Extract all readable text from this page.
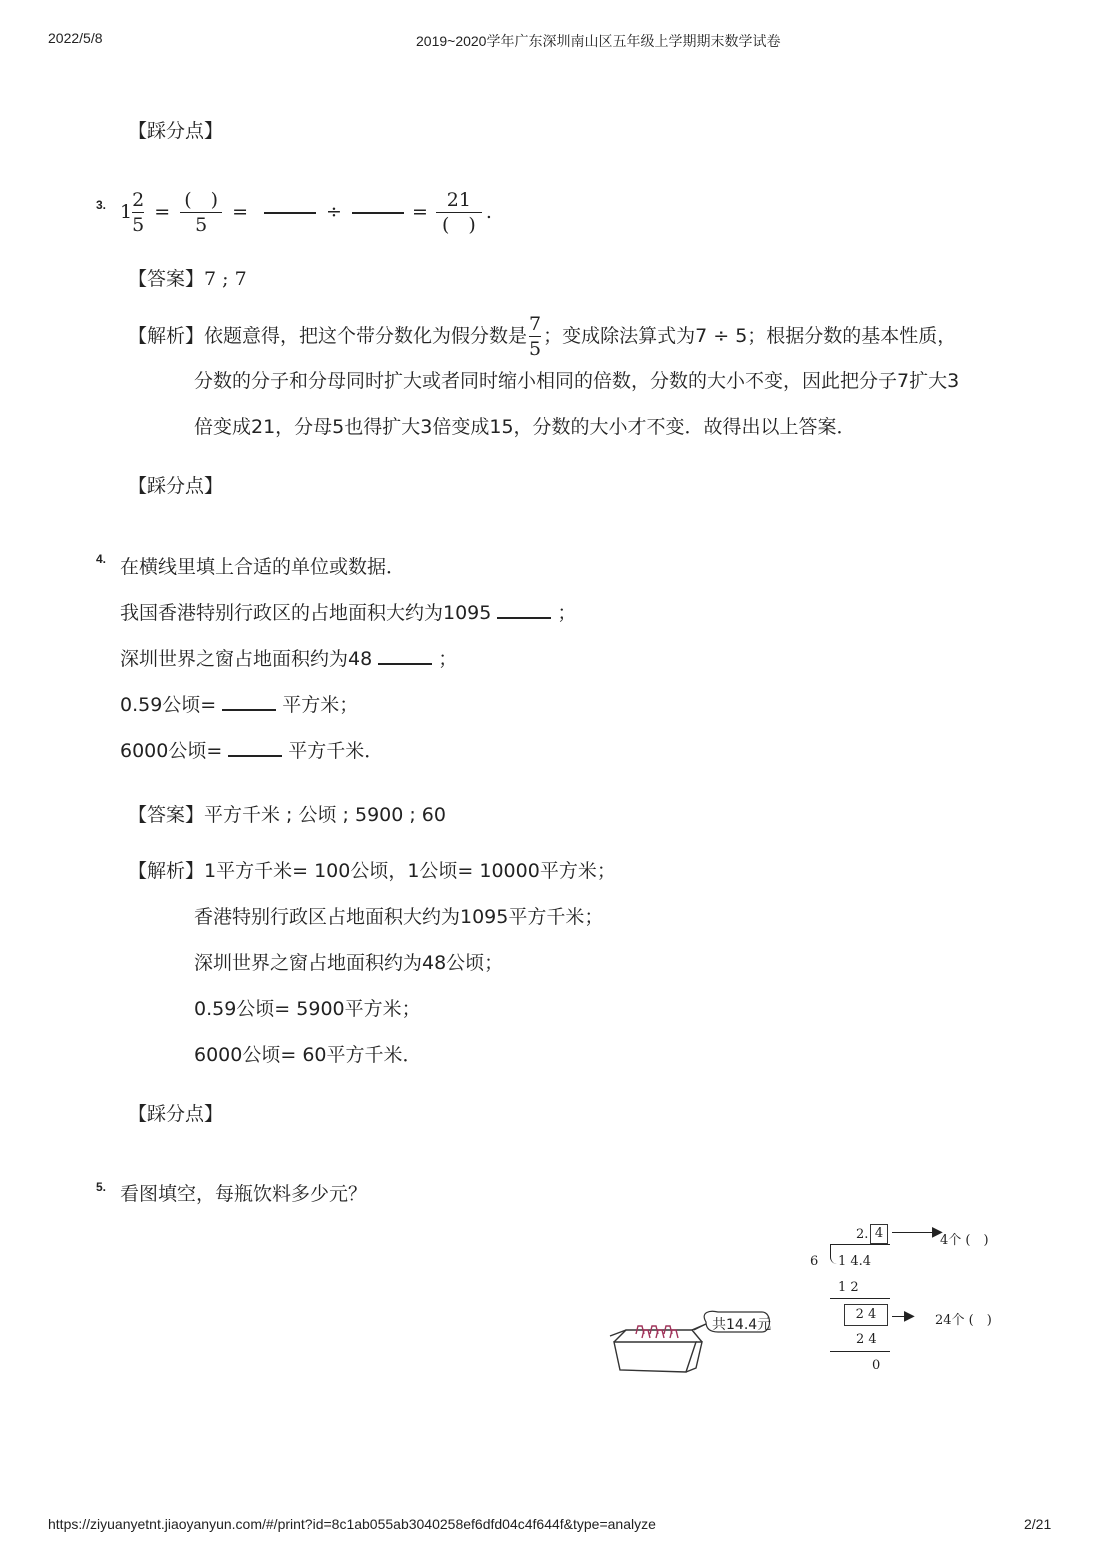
2022/5/8	2019~2020学年广东深圳南山区五年级上学期期末数学试卷
【踩分点】
3. $1 \frac{2}{5} = \frac{( )}{5}$ =	÷	= $\frac{21}{( )}$ .
【答案】7 ; 7
【解析】 依题意得，把这个带分数化为假分数是 $\frac{7}{5}$ ；变成除法算式为7 ÷ 5；根据分数的基本性质，
分数的分子和分母同时扩大或者同时缩小相同的倍数，分数的大小不变，因此把分子7扩大3
倍变成21，分母5也得扩大3倍变成15，分数的大小才不变．故得出以上答案．
【踩分点】
4. 在横线里填上合适的单位或数据．
我国香港特别行政区的占地面积大约为1095	；
深圳世界之窗占地面积约为48	；
0.59公顷=	平方米；
6000公顷=	平方千米．
【答案】平方千米 ; 公顷 ; 5900 ; 60
【解析】1平方千米= 100公顷，1公顷= 10000平方米；
香港特别行政区占地面积大约为1095平方千米；
深圳世界之窗占地面积约为48公顷；
0.59公顷= 5900平方米；
6000公顷= 60平方千米．
【踩分点】
5. 看图填空，每瓶饮料多少元？
共14.4元
2. 4	▶
4个 (　)
6 1 4.4
1 2
2 4	▶ 24个 (　)
2 4
0
https://ziyuanyetnt.jiaoyanyun.com/#/print?id=8c1ab055ab3040258ef6dfd04c4f644f&type=analyze	2/21
